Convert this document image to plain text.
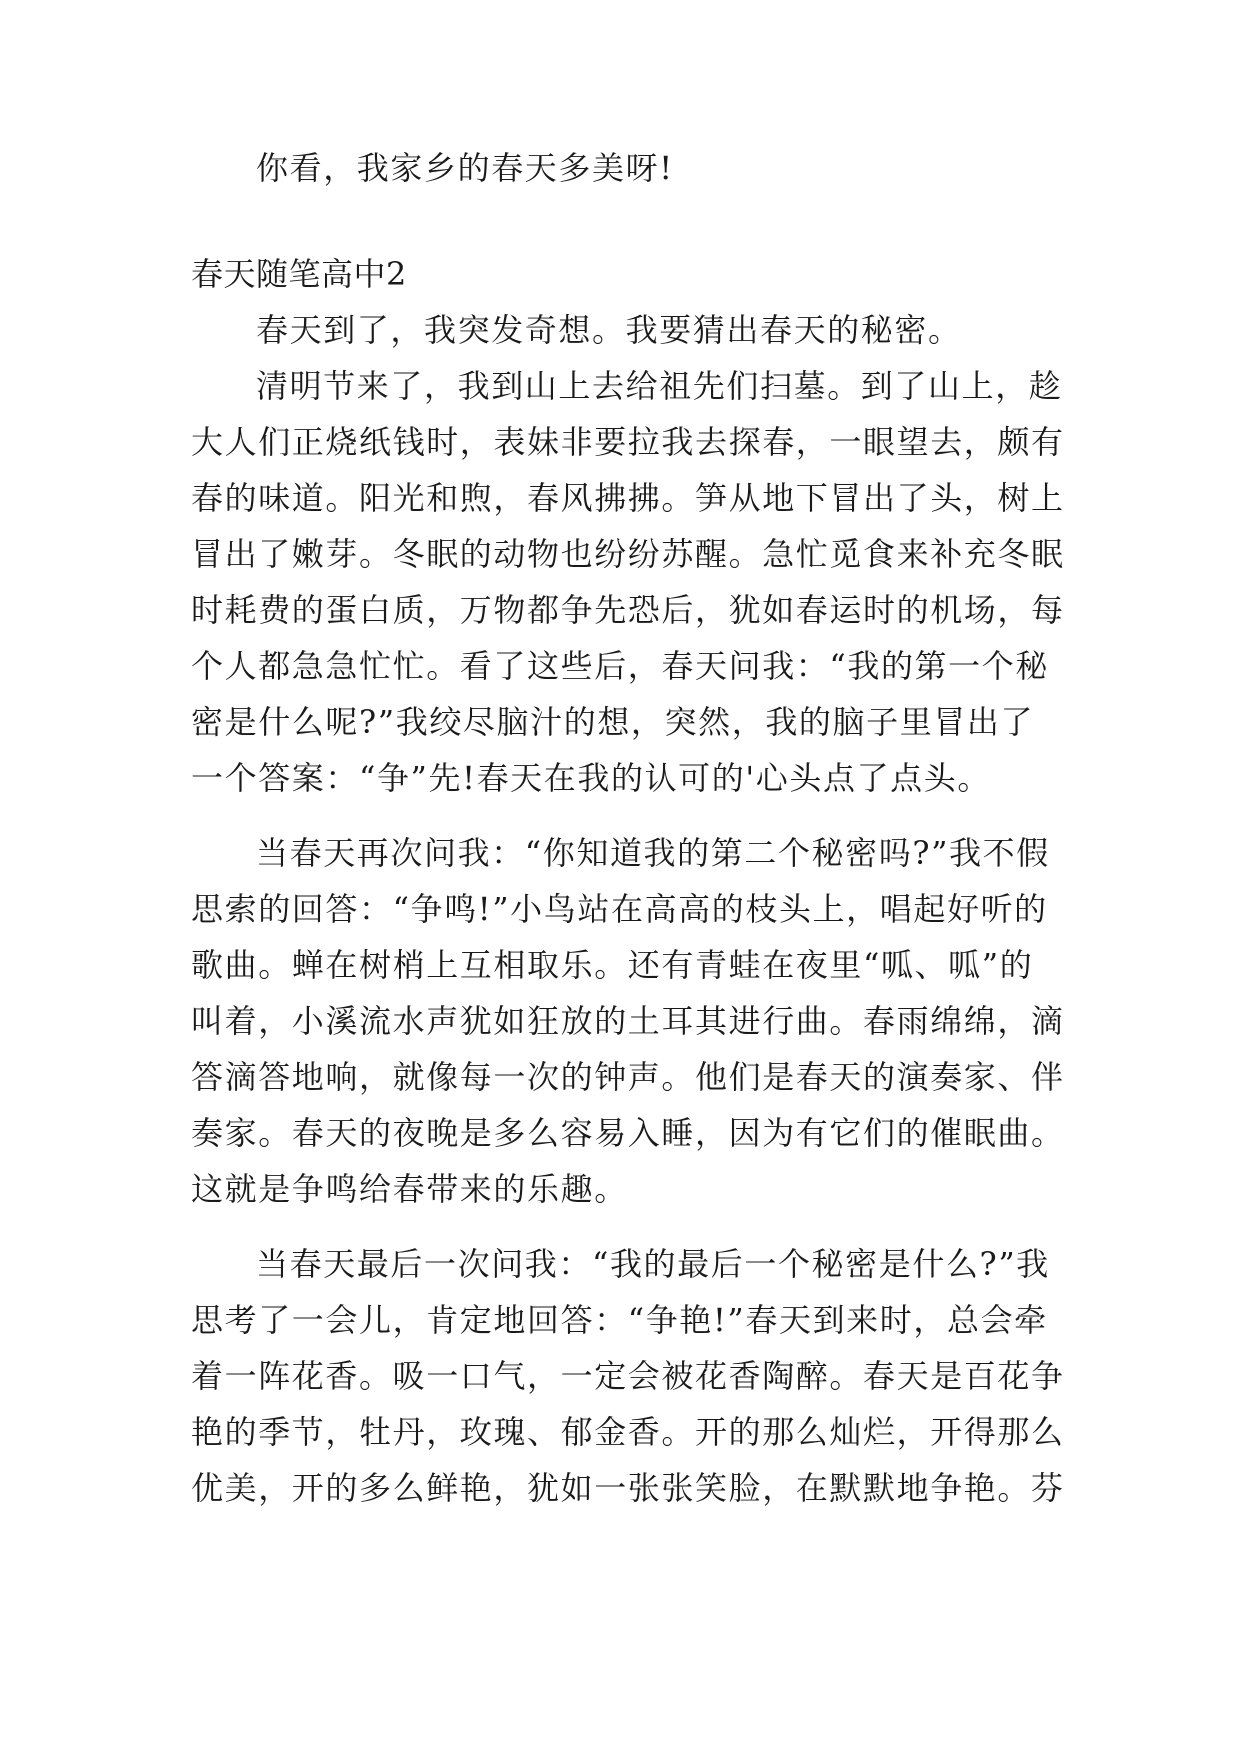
你看，我家乡的春天多美呀!
春天随笔高中2
春天到了，我突发奇想。我要猜出春天的秘密。
清明节来了，我到山上去给祖先们扫墓。到了山上，趁
大人们正烧纸钱时，表妹非要拉我去探春，一眼望去，颇有
春的味道。阳光和煦，春风拂拂。笋从地下冒出了头，树上
冒出了嫩芽。冬眠的动物也纷纷苏醒。急忙觅食来补充冬眠
时耗费的蛋白质，万物都争先恐后，犹如春运时的机场，每
个人都急急忙忙。看了这些后，春天问我：“我的第一个秘
密是什么呢?”我绞尽脑汁的想，突然，我的脑子里冒出了
一个答案：“争”先!春天在我的认可的'心头点了点头。
当春天再次问我：“你知道我的第二个秘密吗?”我不假
思索的回答：“争鸣!”小鸟站在高高的枝头上，唱起好听的
歌曲。蝉在树梢上互相取乐。还有青蛙在夜里“呱、呱”的
叫着，小溪流水声犹如狂放的土耳其进行曲。春雨绵绵，滴
答滴答地响，就像每一次的钟声。他们是春天的演奏家、伴
奏家。春天的夜晚是多么容易入睡，因为有它们的催眠曲。
这就是争鸣给春带来的乐趣。
当春天最后一次问我：“我的最后一个秘密是什么?”我
思考了一会儿，肯定地回答：“争艳!”春天到来时，总会牵
着一阵花香。吸一口气，一定会被花香陶醉。春天是百花争
艳的季节，牡丹，玫瑰、郁金香。开的那么灿烂，开得那么
优美，开的多么鲜艳，犹如一张张笑脸，在默默地争艳。芬
